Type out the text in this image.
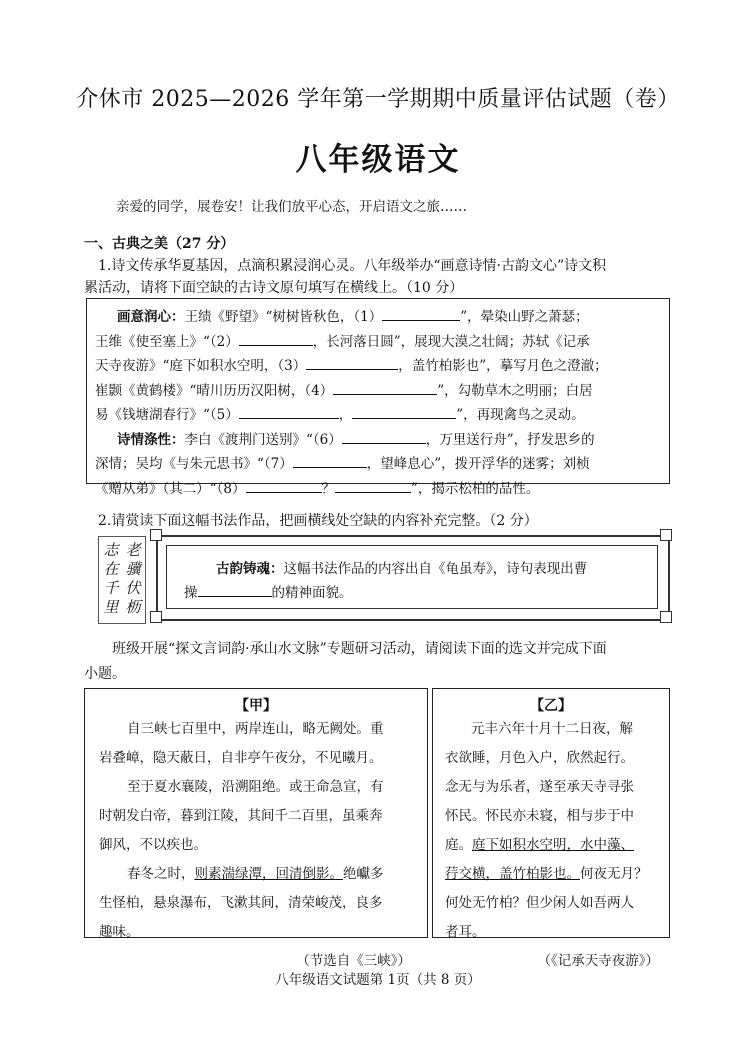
介休市 2025—2026 学年第一学期期中质量评估试题（卷）
八年级语文
亲爱的同学，展卷安！让我们放平心态，开启语文之旅……
一、古典之美（27 分）
1.诗文传承华夏基因，点滴积累浸润心灵。八年级举办“画意诗情·古韵文心”诗文积
累活动，请将下面空缺的古诗文原句填写在横线上。（10 分）
画意润心：王绩《野望》“树树皆秋色，（1）	”，晕染山野之萧瑟；
王维《使至塞上》“（2）	，长河落日圆”，展现大漠之壮阔；苏轼《记承
天寺夜游》“庭下如积水空明，（3）	，盖竹柏影也”，摹写月色之澄澈；
崔颢《黄鹤楼》“晴川历历汉阳树，（4）	”，勾勒草木之明丽；白居
易《钱塘湖春行》“（5）	，	”，再现禽鸟之灵动。
诗情涤性：李白《渡荆门送别》“（6）	，万里送行舟”，抒发思乡的
深情；吴均《与朱元思书》“（7）	，望峰息心”，拨开浮华的迷雾；刘桢
《赠从弟》（其二）“（8）	？	”，揭示松柏的品性。
2.请赏读下面这幅书法作品，把画横线处空缺的内容补充完整。（2 分）
老
骥
伏
枥
志
在
千
里
古韵铸魂：这幅书法作品的内容出自《龟虽寿》，诗句表现出曹
操	的精神面貌。
班级开展“探文言词韵·承山水文脉”专题研习活动，请阅读下面的选文并完成下面
小题。
【甲】
自三峡七百里中，两岸连山，略无阙处。重
岩叠嶂，隐天蔽日，自非亭午夜分，不见曦月。
至于夏水襄陵，沿溯阻绝。或王命急宣，有
时朝发白帝，暮到江陵，其间千二百里，虽乘奔
御风，不以疾也。
春冬之时，则素湍绿潭，回清倒影。绝巘多
生怪柏，悬泉瀑布，飞漱其间，清荣峻茂，良多
趣味。
（节选自《三峡》）
【乙】
元丰六年十月十二日夜，解
衣欲睡，月色入户，欣然起行。
念无与为乐者，遂至承天寺寻张
怀民。怀民亦未寝，相与步于中
庭。庭下如积水空明，水中藻、
荇交横，盖竹柏影也。何夜无月？
何处无竹柏？但少闲人如吾两人
者耳。
（《记承天寺夜游》）
八年级语文试题第 1页（共 8 页）
